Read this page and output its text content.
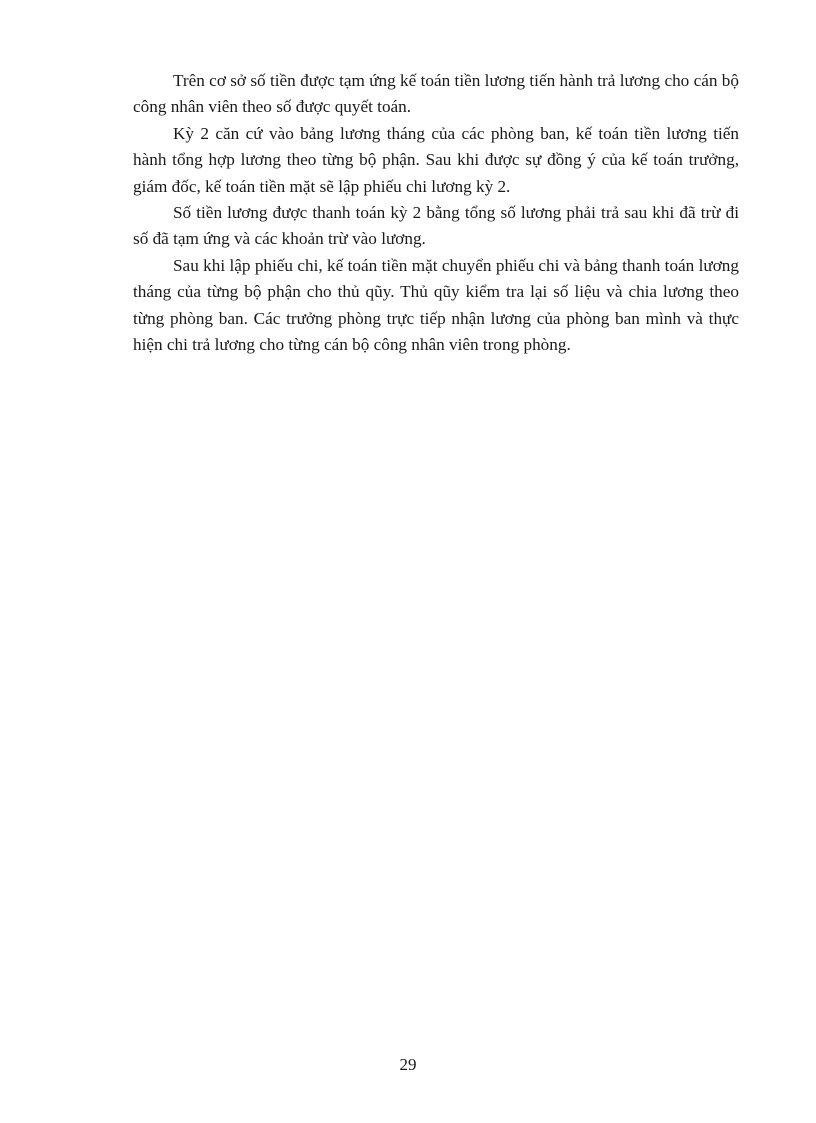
Trên cơ sở số tiền được tạm ứng kế toán tiền lương tiến hành trả lương cho cán bộ công nhân viên theo số được quyết toán.

Kỳ 2 căn cứ vào bảng lương tháng của các phòng ban, kế toán tiền lương tiến hành tổng hợp lương theo từng bộ phận. Sau khi được sự đồng ý của kế toán trưởng, giám đốc, kế toán tiền mặt sẽ lập phiếu chi lương kỳ 2.

Số tiền lương được thanh toán kỳ 2 bằng tổng số lương phải trả sau khi đã trừ đi số đã tạm ứng và các khoản trừ vào lương.

Sau khi lập phiếu chi, kế toán tiền mặt chuyển phiếu chi và bảng thanh toán lương tháng của từng bộ phận cho thủ qũy. Thủ qũy kiểm tra lại số liệu và chia lương theo từng phòng ban. Các trưởng phòng trực tiếp nhận lương của phòng ban mình và thực hiện chi trả lương cho từng cán bộ công nhân viên trong phòng.

29
